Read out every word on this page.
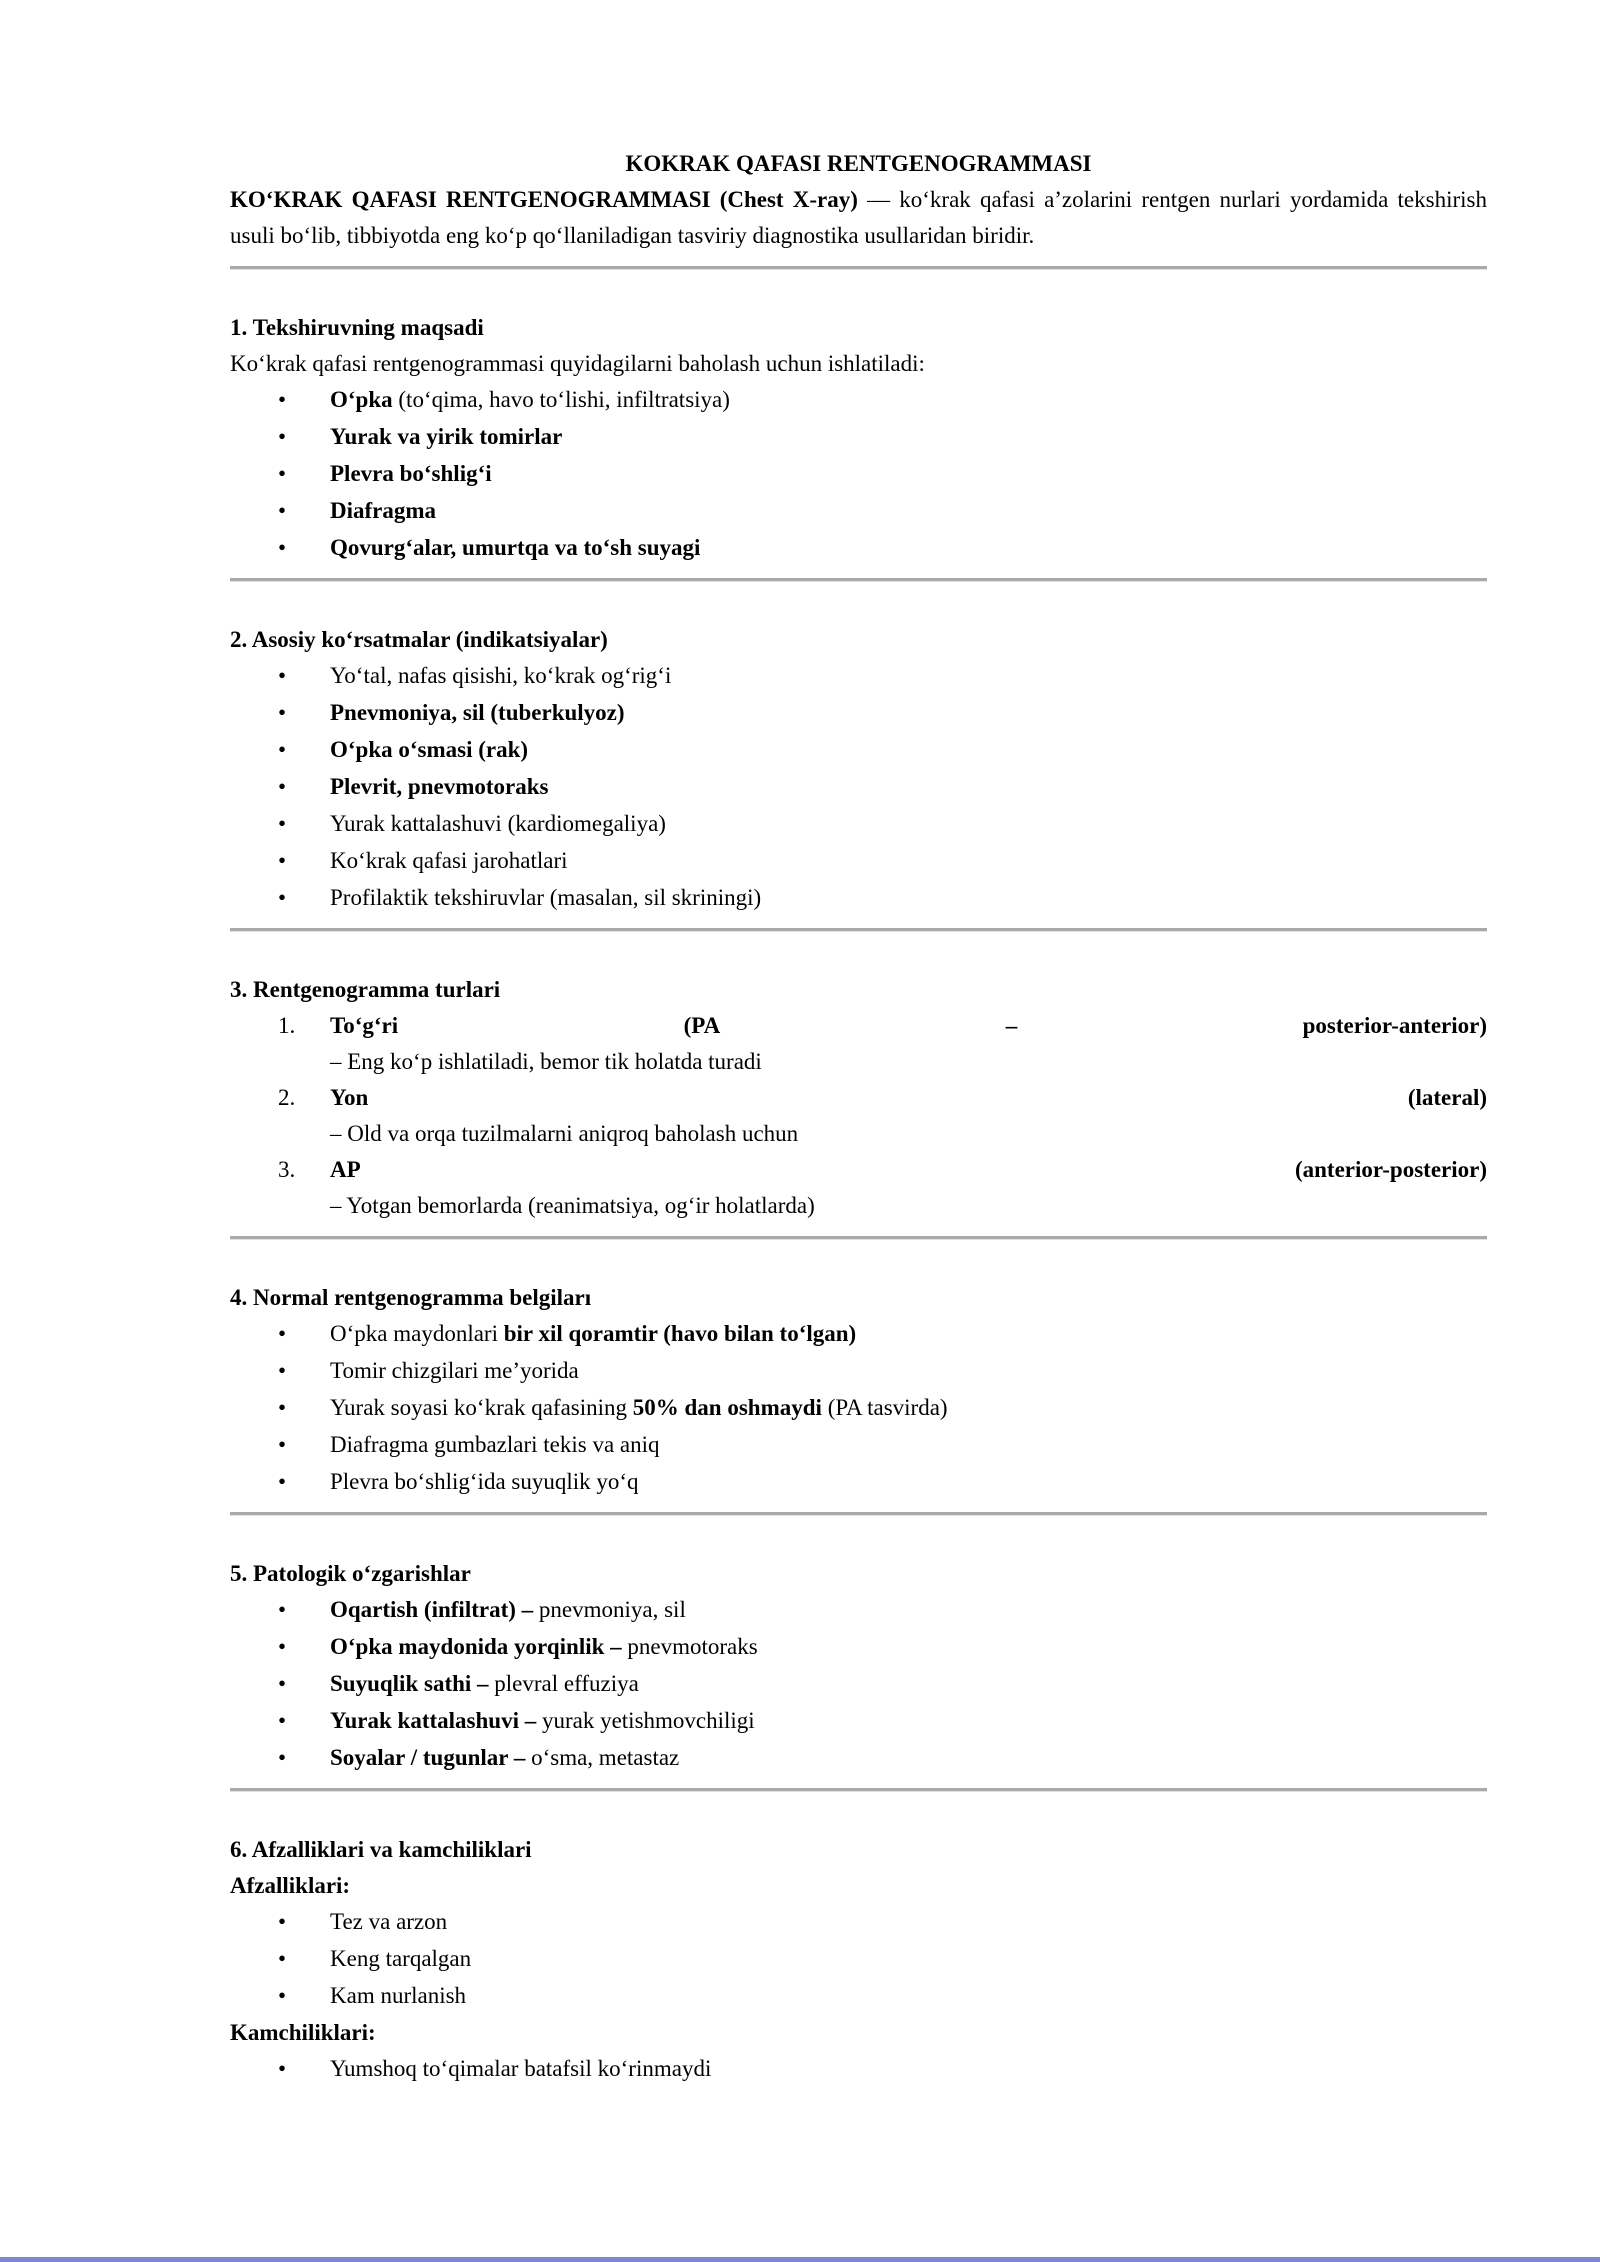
KOKRAK QAFASI RENTGENOGRAMMASI

KO‘KRAK QAFASI RENTGENOGRAMMASI (Chest X-ray) — ko‘krak qafasi a’zolarini rentgen nurlari yordamida tekshirish usuli bo‘lib, tibbiyotda eng ko‘p qo‘llaniladigan tasviriy diagnostika usullaridan biridir.

1. Tekshiruvning maqsadi

Ko‘krak qafasi rentgenogrammasi quyidagilarni baholash uchun ishlatiladi:

• O‘pka (to‘qima, havo to‘lishi, infiltratsiya)
• Yurak va yirik tomirlar
• Plevra bo‘shlig‘i
• Diafragma
• Qovurg‘alar, umurtqa va to‘sh suyagi
2. Asosiy ko‘rsatmalar (indikatsiyalar)
• Yo‘tal, nafas qisishi, ko‘krak og‘rig‘i
• Pnevmoniya, sil (tuberkulyoz)
• O‘pka o‘smasi (rak)
• Plevrit, pnevmotoraks
• Yurak kattalashuvi (kardiomegaliya)
• Ko‘krak qafasi jarohatlari
• Profilaktik tekshiruvlar (masalan, sil skriningi)
3. Rentgenogramma turlari
1. To‘g‘ri	(PA	–	posterior-anterior)
– Eng ko‘p ishlatiladi, bemor tik holatda turadi
2. Yon	(lateral)
– Old va orqa tuzilmalarni aniqroq baholash uchun
3. AP	(anterior-posterior)
– Yotgan bemorlarda (reanimatsiya, og‘ir holatlarda)
4. Normal rentgenogramma belgiları
• O‘pka maydonlari bir xil qoramtir (havo bilan to‘lgan)
• Tomir chizgilari me’yorida
• Yurak soyasi ko‘krak qafasining 50% dan oshmaydi (PA tasvirda)
• Diafragma gumbazlari tekis va aniq
• Plevra bo‘shlig‘ida suyuqlik yo‘q
5. Patologik o‘zgarishlar
• Oqartish (infiltrat) – pnevmoniya, sil
• O‘pka maydonida yorqinlik – pnevmotoraks
• Suyuqlik sathi – plevral effuziya
• Yurak kattalashuvi – yurak yetishmovchiligi
• Soyalar / tugunlar – o‘sma, metastaz
6. Afzalliklari va kamchiliklari

Afzalliklari:

• Tez va arzon
• Keng tarqalgan
• Kam nurlanish

Kamchiliklari:

• Yumshoq to‘qimalar batafsil ko‘rinmaydi
